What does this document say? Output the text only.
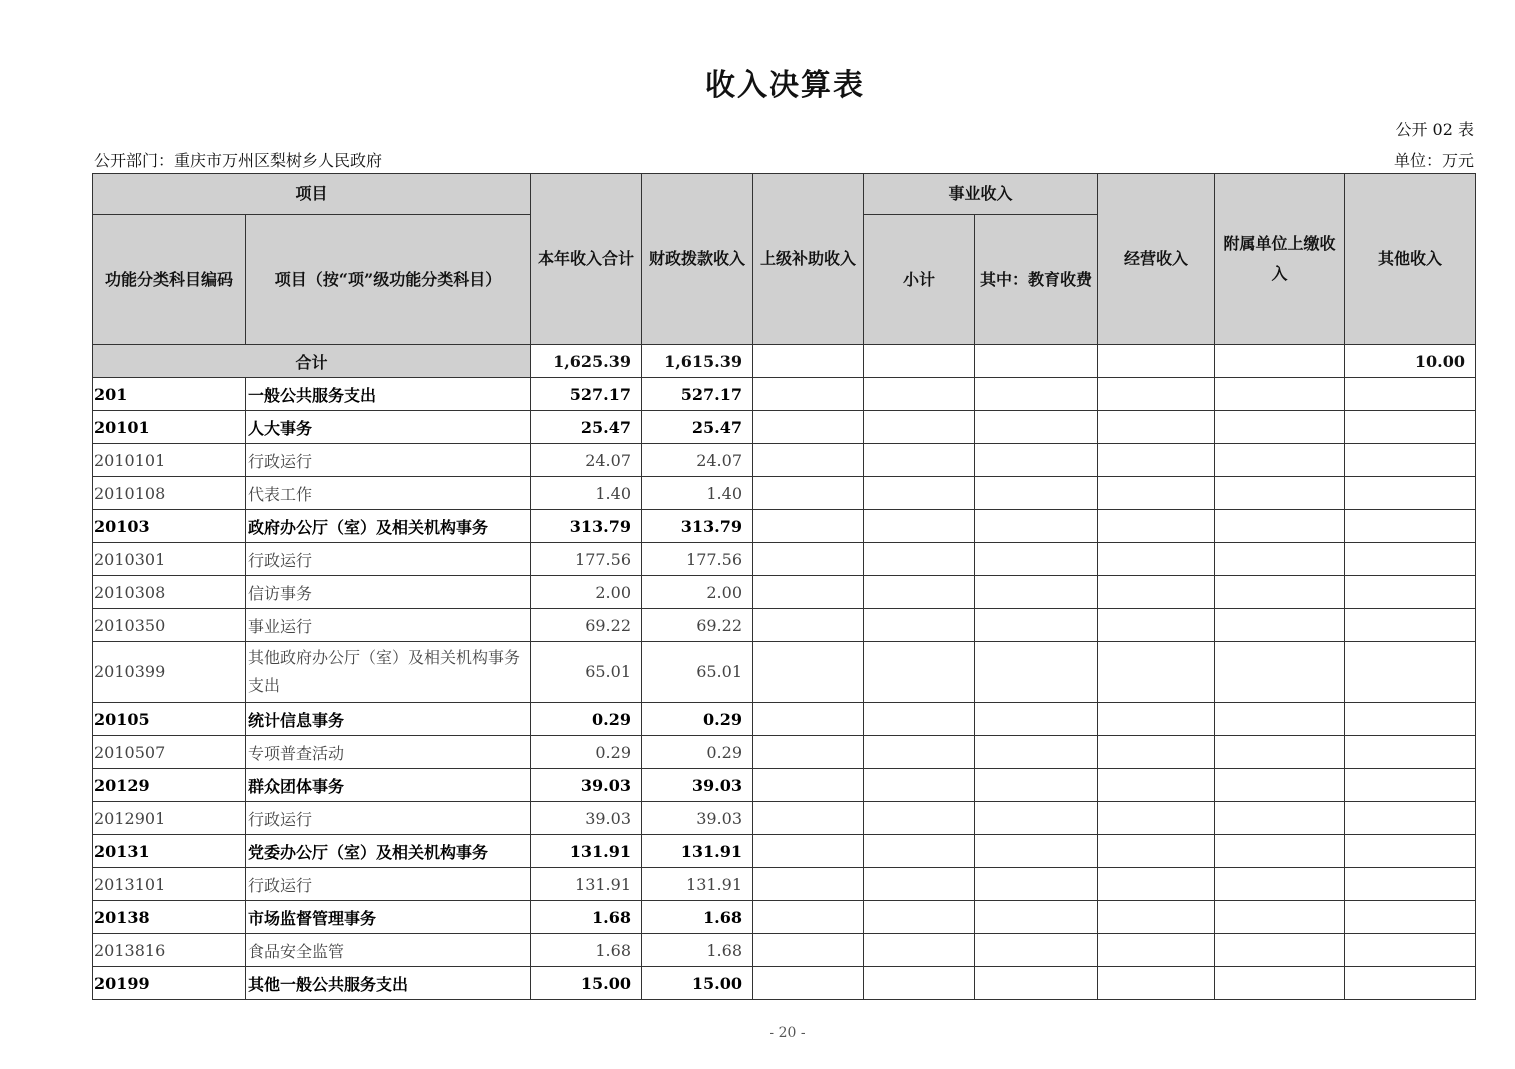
收入决算表
公开 02 表
公开部门：重庆市万州区梨树乡人民政府	单位：万元
项目		本年收入合计	财政拨款收入	上级补助收入	事业收入		经营收入	附属单位上缴收入	其他收入
功能分类科目编码	项目（按“项”级功能分类科目）				小计	其中：教育收费			
合计		1,625.39	1,615.39						10.00
201	一般公共服务支出	527.17	527.17						
20101	人大事务	25.47	25.47						
2010101	行政运行	24.07	24.07						
2010108	代表工作	1.40	1.40						
20103	政府办公厅（室）及相关机构事务	313.79	313.79						
2010301	行政运行	177.56	177.56						
2010308	信访事务	2.00	2.00						
2010350	事业运行	69.22	69.22						
2010399	其他政府办公厅（室）及相关机构事务支出	65.01	65.01						
20105	统计信息事务	0.29	0.29						
2010507	专项普查活动	0.29	0.29						
20129	群众团体事务	39.03	39.03						
2012901	行政运行	39.03	39.03						
20131	党委办公厅（室）及相关机构事务	131.91	131.91						
2013101	行政运行	131.91	131.91						
20138	市场监督管理事务	1.68	1.68						
2013816	食品安全监管	1.68	1.68						
20199	其他一般公共服务支出	15.00	15.00						
- 20 -
